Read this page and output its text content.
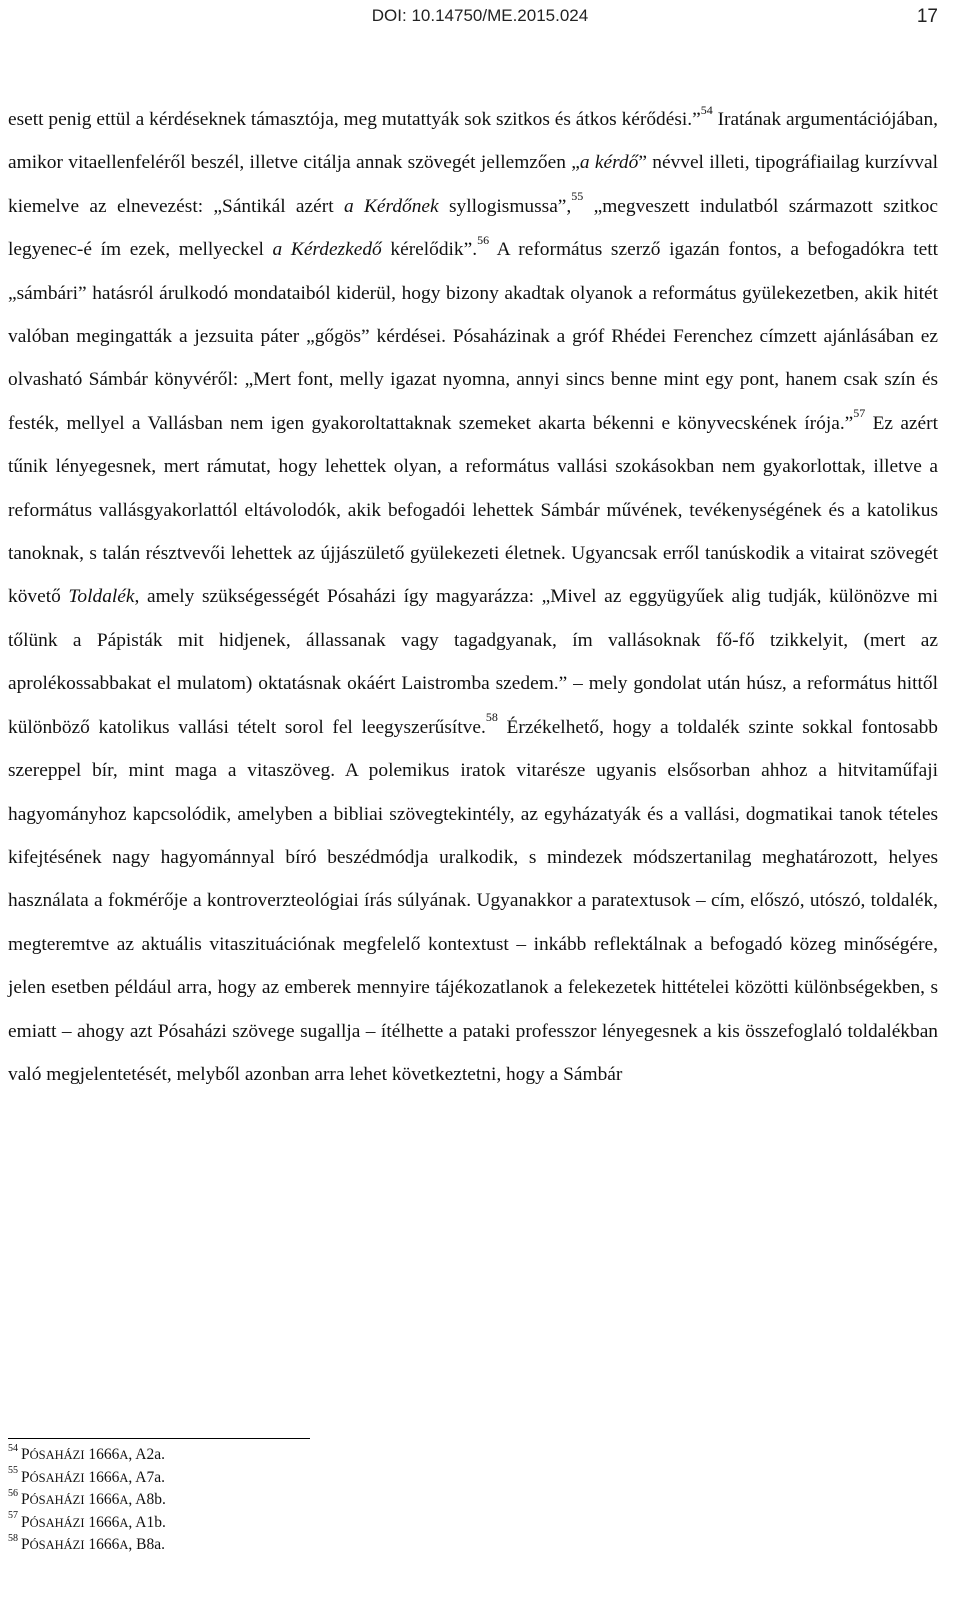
DOI: 10.14750/ME.2015.024	17

esett penig ettül a kérdéseknek támasztója, meg mutattyák sok szitkos és átkos kérődési.”$^{54}$ Iratának argumentációjában, amikor vitaellenfeléről beszél, illetve citálja annak szövegét jellemzően „a kérdő” névvel illeti, tipográfiailag kurzívval kiemelve az elnevezést: „Sántikál azért a Kérdőnek syllogismussa”,$^{55}$ „megveszett indulatból származott szitkoc legyenec-é ím ezek, mellyeckel a Kérdezkedő kérelődik”.$^{56}$ A református szerző igazán fontos, a befogadókra tett „sámbári” hatásról árulkodó mondataiból kiderül, hogy bizony akadtak olyanok a református gyülekezetben, akik hitét valóban megingatták a jezsuita páter „gőgös” kérdései. Pósaházinak a gróf Rhédei Ferenchez címzett ajánlásában ez olvasható Sámbár könyvéről: „Mert font, melly igazat nyomna, annyi sincs benne mint egy pont, hanem csak szín és festék, mellyel a Vallásban nem igen gyakoroltattaknak szemeket akarta békenni e könyvecskének írója.”$^{57}$ Ez azért tűnik lényegesnek, mert rámutat, hogy lehettek olyan, a református vallási szokásokban nem gyakorlottak, illetve a református vallásgyakorlattól eltávolodók, akik befogadói lehettek Sámbár művének, tevékenységének és a katolikus tanoknak, s talán résztvevői lehettek az újjászülető gyülekezeti életnek. Ugyancsak erről tanúskodik a vitairat szövegét követő Toldalék, amely szükségességét Pósaházi így magyarázza: „Mivel az eggyügyűek alig tudják, különözve mi tőlünk a Pápisták mit hidjenek, állassanak vagy tagadgyanak, ím vallásoknak fő-fő tzikkelyit, (mert az aprolékossabbakat el mulatom) oktatásnak okáért Laistromba szedem.” – mely gondolat után húsz, a református hittől különböző katolikus vallási tételt sorol fel leegyszerűsítve.$^{58}$ Érzékelhető, hogy a toldalék szinte sokkal fontosabb szereppel bír, mint maga a vitaszöveg. A polemikus iratok vitarésze ugyanis elsősorban ahhoz a hitvitaműfaji hagyományhoz kapcsolódik, amelyben a bibliai szövegtekintély, az egyházatyák és a vallási, dogmatikai tanok tételes kifejtésének nagy hagyománnyal bíró beszédmódja uralkodik, s mindezek módszertanilag meghatározott, helyes használata a fokmérője a kontroverzteológiai írás súlyának. Ugyanakkor a paratextusok – cím, előszó, utószó, toldalék, megteremtve az aktuális vitaszituációnak megfelelő kontextust – inkább reflektálnak a befogadó közeg minőségére, jelen esetben például arra, hogy az emberek mennyire tájékozatlanok a felekezetek hittételei közötti különbségekben, s emiatt – ahogy azt Pósaházi szövege sugallja – ítélhette a pataki professzor lényegesnek a kis összefoglaló toldalékban való megjelentetését, melyből azonban arra lehet következtetni, hogy a Sámbár

$^{54}$ PÓSAHÁZI 1666A, A2a.
$^{55}$ PÓSAHÁZI 1666A, A7a.
$^{56}$ PÓSAHÁZI 1666A, A8b.
$^{57}$ PÓSAHÁZI 1666A, A1b.
$^{58}$ PÓSAHÁZI 1666A, B8a.
